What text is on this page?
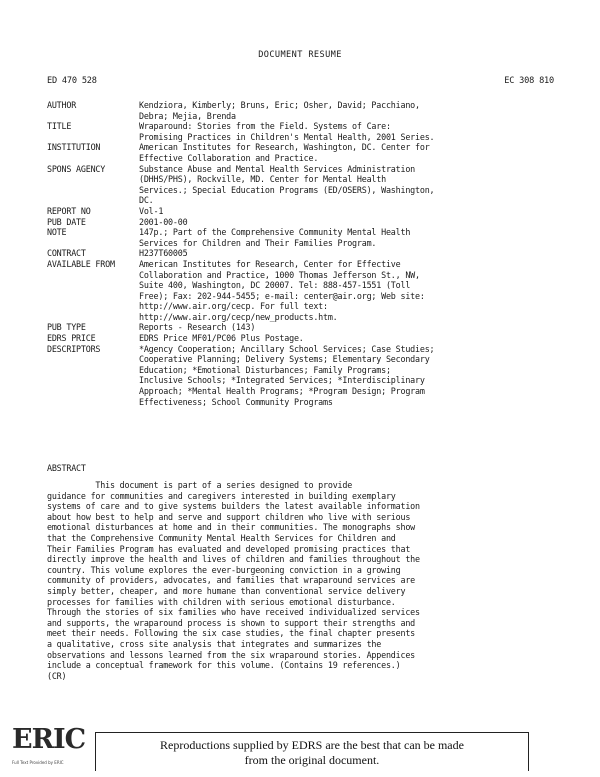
DOCUMENT RESUME
ED 470 528	EC 308 810
AUTHOR	Kendziora, Kimberly; Bruns, Eric; Osher, David; Pacchiano,
Debra; Mejia, Brenda
TITLE	Wraparound: Stories from the Field. Systems of Care:
Promising Practices in Children's Mental Health, 2001 Series.
INSTITUTION	American Institutes for Research, Washington, DC. Center for
Effective Collaboration and Practice.
SPONS AGENCY	Substance Abuse and Mental Health Services Administration
(DHHS/PHS), Rockville, MD. Center for Mental Health
Services.; Special Education Programs (ED/OSERS), Washington,
DC.
REPORT NO	Vol-1
PUB DATE	2001-00-00
NOTE	147p.; Part of the Comprehensive Community Mental Health
Services for Children and Their Families Program.
CONTRACT	H237T60005
AVAILABLE FROM	American Institutes for Research, Center for Effective
Collaboration and Practice, 1000 Thomas Jefferson St., NW,
Suite 400, Washington, DC 20007. Tel: 888-457-1551 (Toll
Free); Fax: 202-944-5455; e-mail: center@air.org; Web site:
http://www.air.org/cecp. For full text:
http://www.air.org/cecp/new_products.htm.
PUB TYPE	Reports - Research (143)
EDRS PRICE	EDRS Price MF01/PC06 Plus Postage.
DESCRIPTORS	*Agency Cooperation; Ancillary School Services; Case Studies;
Cooperative Planning; Delivery Systems; Elementary Secondary
Education; *Emotional Disturbances; Family Programs;
Inclusive Schools; *Integrated Services; *Interdisciplinary
Approach; *Mental Health Programs; *Program Design; Program
Effectiveness; School Community Programs
ABSTRACT
This document is part of a series designed to provide
guidance for communities and caregivers interested in building exemplary
systems of care and to give systems builders the latest available information
about how best to help and serve and support children who live with serious
emotional disturbances at home and in their communities. The monographs show
that the Comprehensive Community Mental Health Services for Children and
Their Families Program has evaluated and developed promising practices that
directly improve the health and lives of children and families throughout the
country. This volume explores the ever-burgeoning conviction in a growing
community of providers, advocates, and families that wraparound services are
simply better, cheaper, and more humane than conventional service delivery
processes for families with children with serious emotional disturbance.
Through the stories of six families who have received individualized services
and supports, the wraparound process is shown to support their strengths and
meet their needs. Following the six case studies, the final chapter presents
a qualitative, cross site analysis that integrates and summarizes the
observations and lessons learned from the six wraparound stories. Appendices
include a conceptual framework for this volume. (Contains 19 references.)
(CR)
ERIC
Full Text Provided by ERIC
Reproductions supplied by EDRS are the best that can be made
from the original document.
